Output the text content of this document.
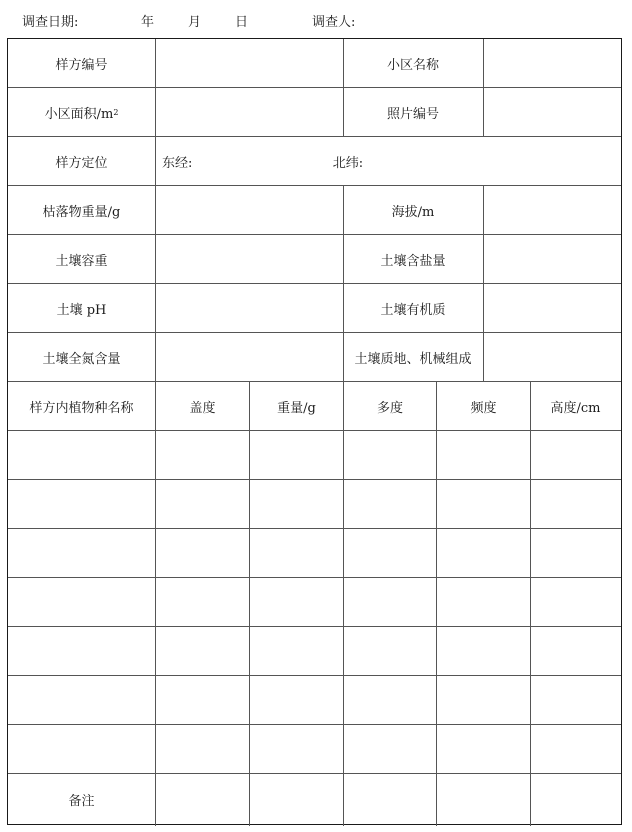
调查日期:	年	月	日	调查人:
样方编号	小区名称
小区面积/m 2	照片编号
样方定位	东经:	北纬:
枯落物重量/g	海拔/m
土壤容重	土壤含盐量
土壤 pH	土壤有机质
土壤全氮含量	土壤质地、机械组成
样方内植物种名称	盖度	重量/g	多度	频度	高度/cm
备注
